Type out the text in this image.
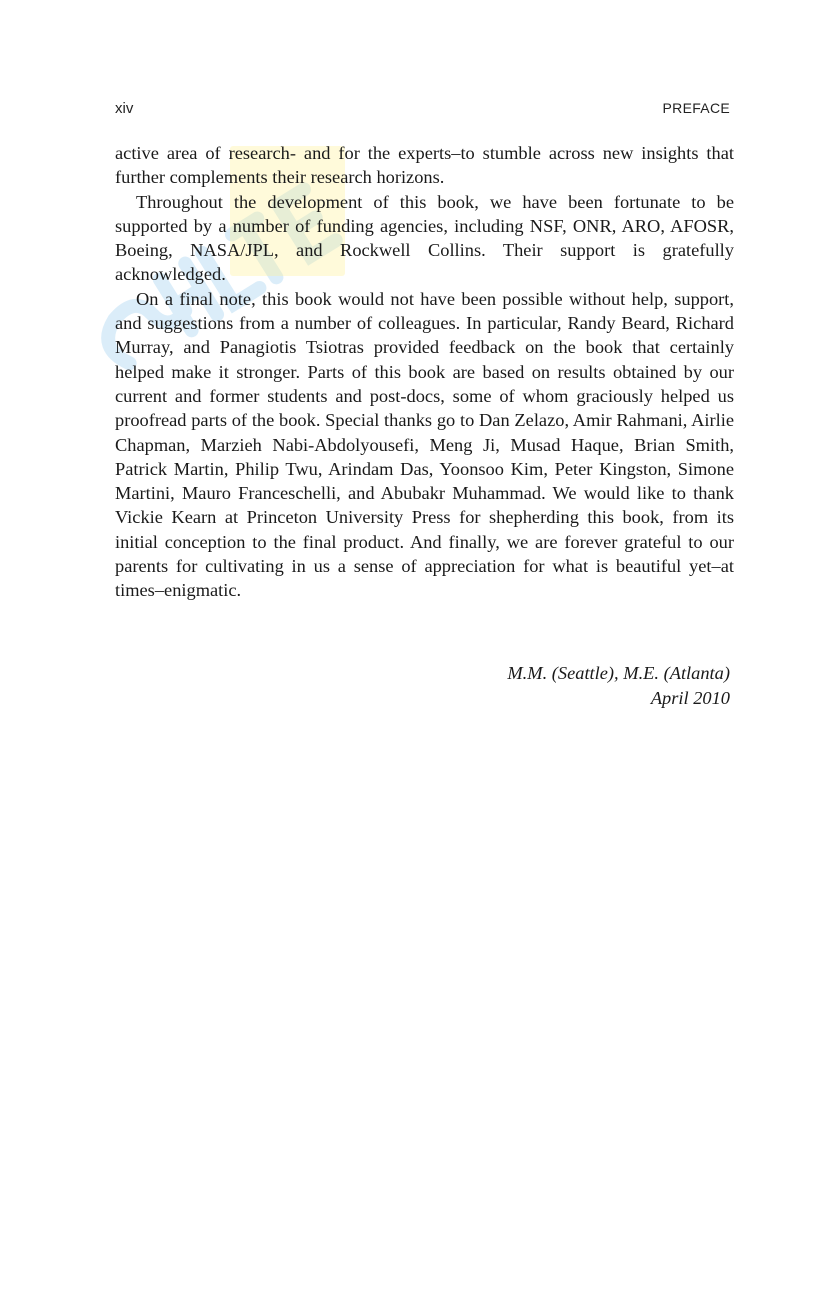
xiv	PREFACE

active area of research- and for the experts–to stumble across new insights that further complements their research horizons.

Throughout the development of this book, we have been fortunate to be supported by a number of funding agencies, including NSF, ONR, ARO, AFOSR, Boeing, NASA/JPL, and Rockwell Collins. Their support is gratefully acknowledged.

On a final note, this book would not have been possible without help, support, and suggestions from a number of colleagues. In particular, Randy Beard, Richard Murray, and Panagiotis Tsiotras provided feedback on the book that certainly helped make it stronger. Parts of this book are based on results obtained by our current and former students and post-docs, some of whom graciously helped us proofread parts of the book. Special thanks go to Dan Zelazo, Amir Rahmani, Airlie Chapman, Marzieh Nabi-Abdolyousefi, Meng Ji, Musad Haque, Brian Smith, Patrick Martin, Philip Twu, Arindam Das, Yoonsoo Kim, Peter Kingston, Simone Martini, Mauro Franceschelli, and Abubakr Muhammad. We would like to thank Vickie Kearn at Princeton University Press for shepherding this book, from its initial conception to the final product. And finally, we are forever grateful to our parents for cultivating in us a sense of appreciation for what is beautiful yet–at times–enigmatic.

M.M. (Seattle), M.E. (Atlanta)
April 2010
